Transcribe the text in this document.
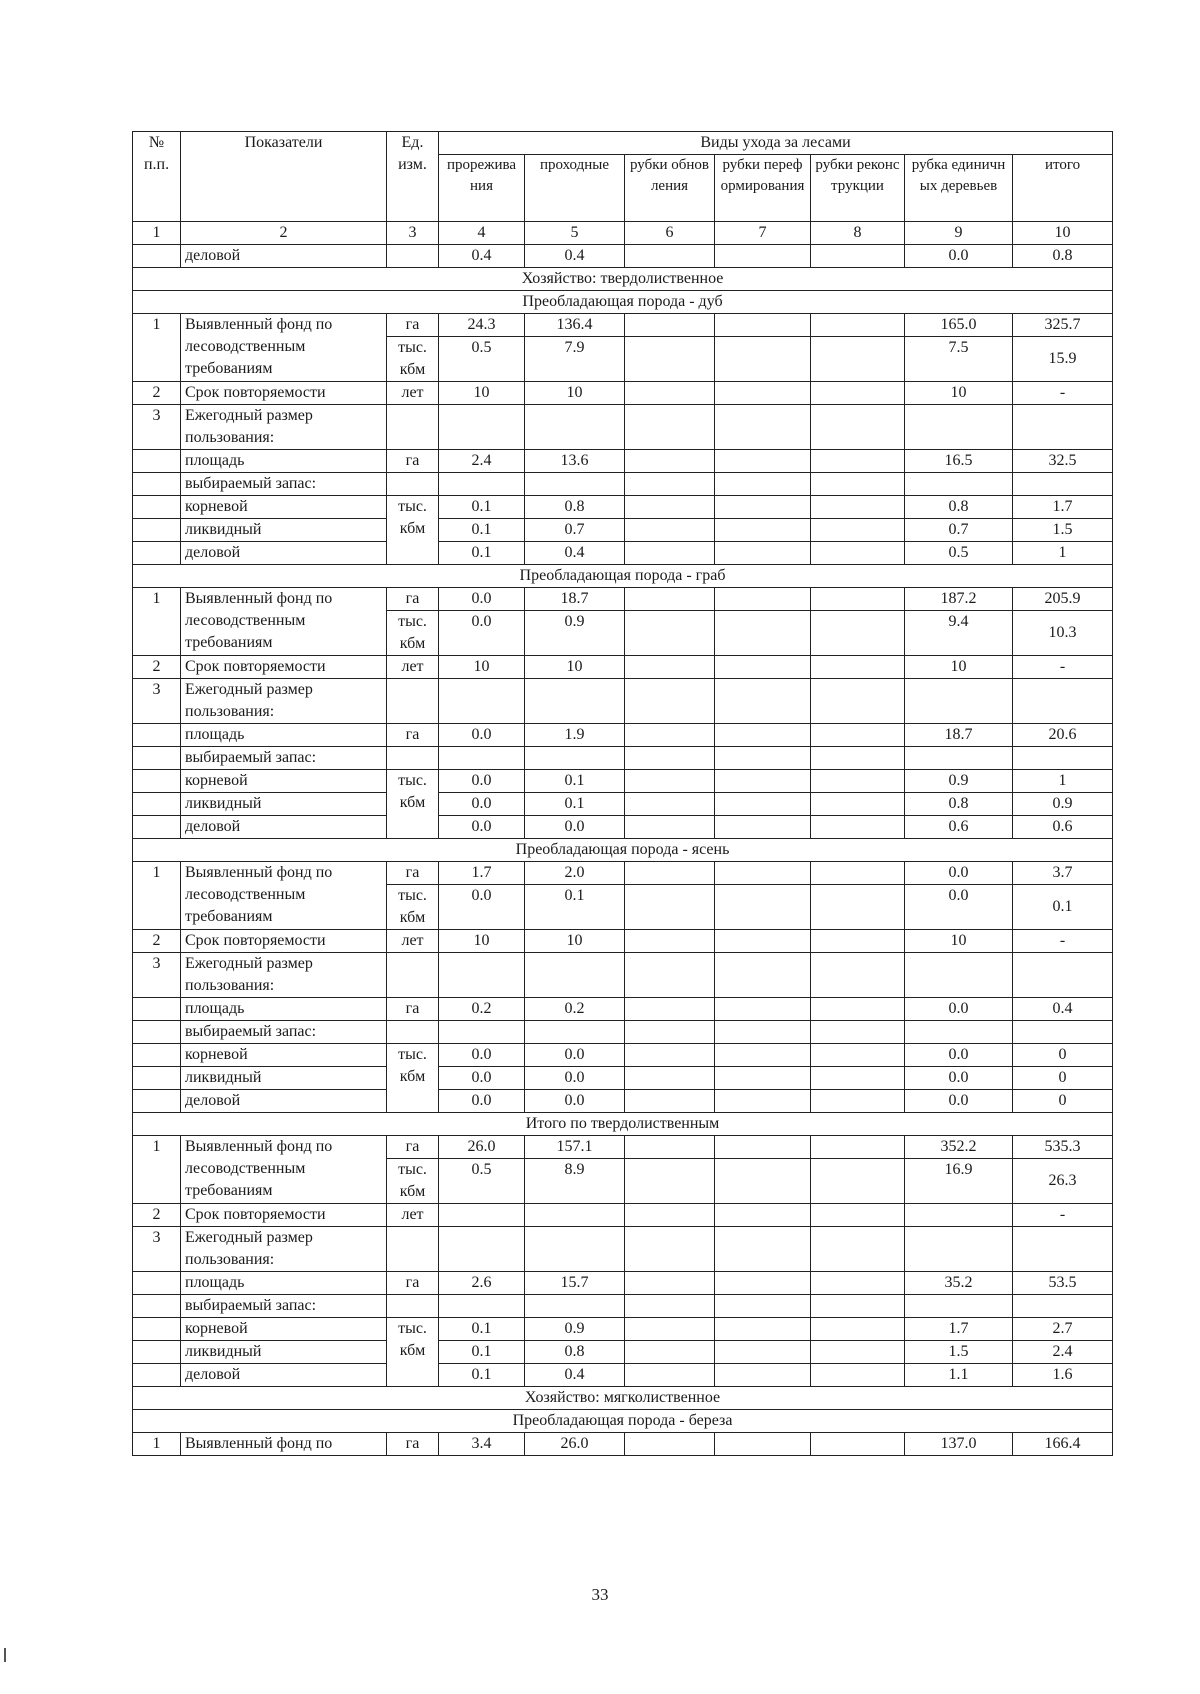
№ п.п.	Показатели	Ед. изм.	Виды ухода за лесами						
			прореживания	проходные	рубки обновления	рубки переформирования	рубки реконструкции	рубка единичных деревьев	итого
1	2	3	4	5	6	7	8	9	10
	деловой		0.4	0.4				0.0	0.8
Хозяйство: твердолиственное									
Преобладающая порода - дуб									
1	Выявленный фонд по лесоводственным требованиям	га	24.3	136.4				165.0	325.7
		тыс. кбм	0.5	7.9				7.5	15.9
2	Срок повторяемости	лет	10	10				10	-
3	Ежегодный размер пользования:								
	площадь	га	2.4	13.6				16.5	32.5
	выбираемый запас:								
	корневой	тыс. кбм	0.1	0.8				0.8	1.7
	ликвидный		0.1	0.7				0.7	1.5
	деловой		0.1	0.4				0.5	1
Преобладающая порода - граб									
1	Выявленный фонд по лесоводственным требованиям	га	0.0	18.7				187.2	205.9
		тыс. кбм	0.0	0.9				9.4	10.3
2	Срок повторяемости	лет	10	10				10	-
3	Ежегодный размер пользования:								
	площадь	га	0.0	1.9				18.7	20.6
	выбираемый запас:								
	корневой	тыс. кбм	0.0	0.1				0.9	1
	ликвидный		0.0	0.1				0.8	0.9
	деловой		0.0	0.0				0.6	0.6
Преобладающая порода - ясень									
1	Выявленный фонд по лесоводственным требованиям	га	1.7	2.0				0.0	3.7
		тыс. кбм	0.0	0.1				0.0	0.1
2	Срок повторяемости	лет	10	10				10	-
3	Ежегодный размер пользования:								
	площадь	га	0.2	0.2				0.0	0.4
	выбираемый запас:								
	корневой	тыс. кбм	0.0	0.0				0.0	0
	ликвидный		0.0	0.0				0.0	0
	деловой		0.0	0.0				0.0	0
Итого по твердолиственным									
1	Выявленный фонд по лесоводственным требованиям	га	26.0	157.1				352.2	535.3
		тыс. кбм	0.5	8.9				16.9	26.3
2	Срок повторяемости	лет							-
3	Ежегодный размер пользования:								
	площадь	га	2.6	15.7				35.2	53.5
	выбираемый запас:								
	корневой	тыс. кбм	0.1	0.9				1.7	2.7
	ликвидный		0.1	0.8				1.5	2.4
	деловой		0.1	0.4				1.1	1.6
Хозяйство: мягколиственное									
Преобладающая порода - береза									
1	Выявленный фонд по	га	3.4	26.0				137.0	166.4
33
